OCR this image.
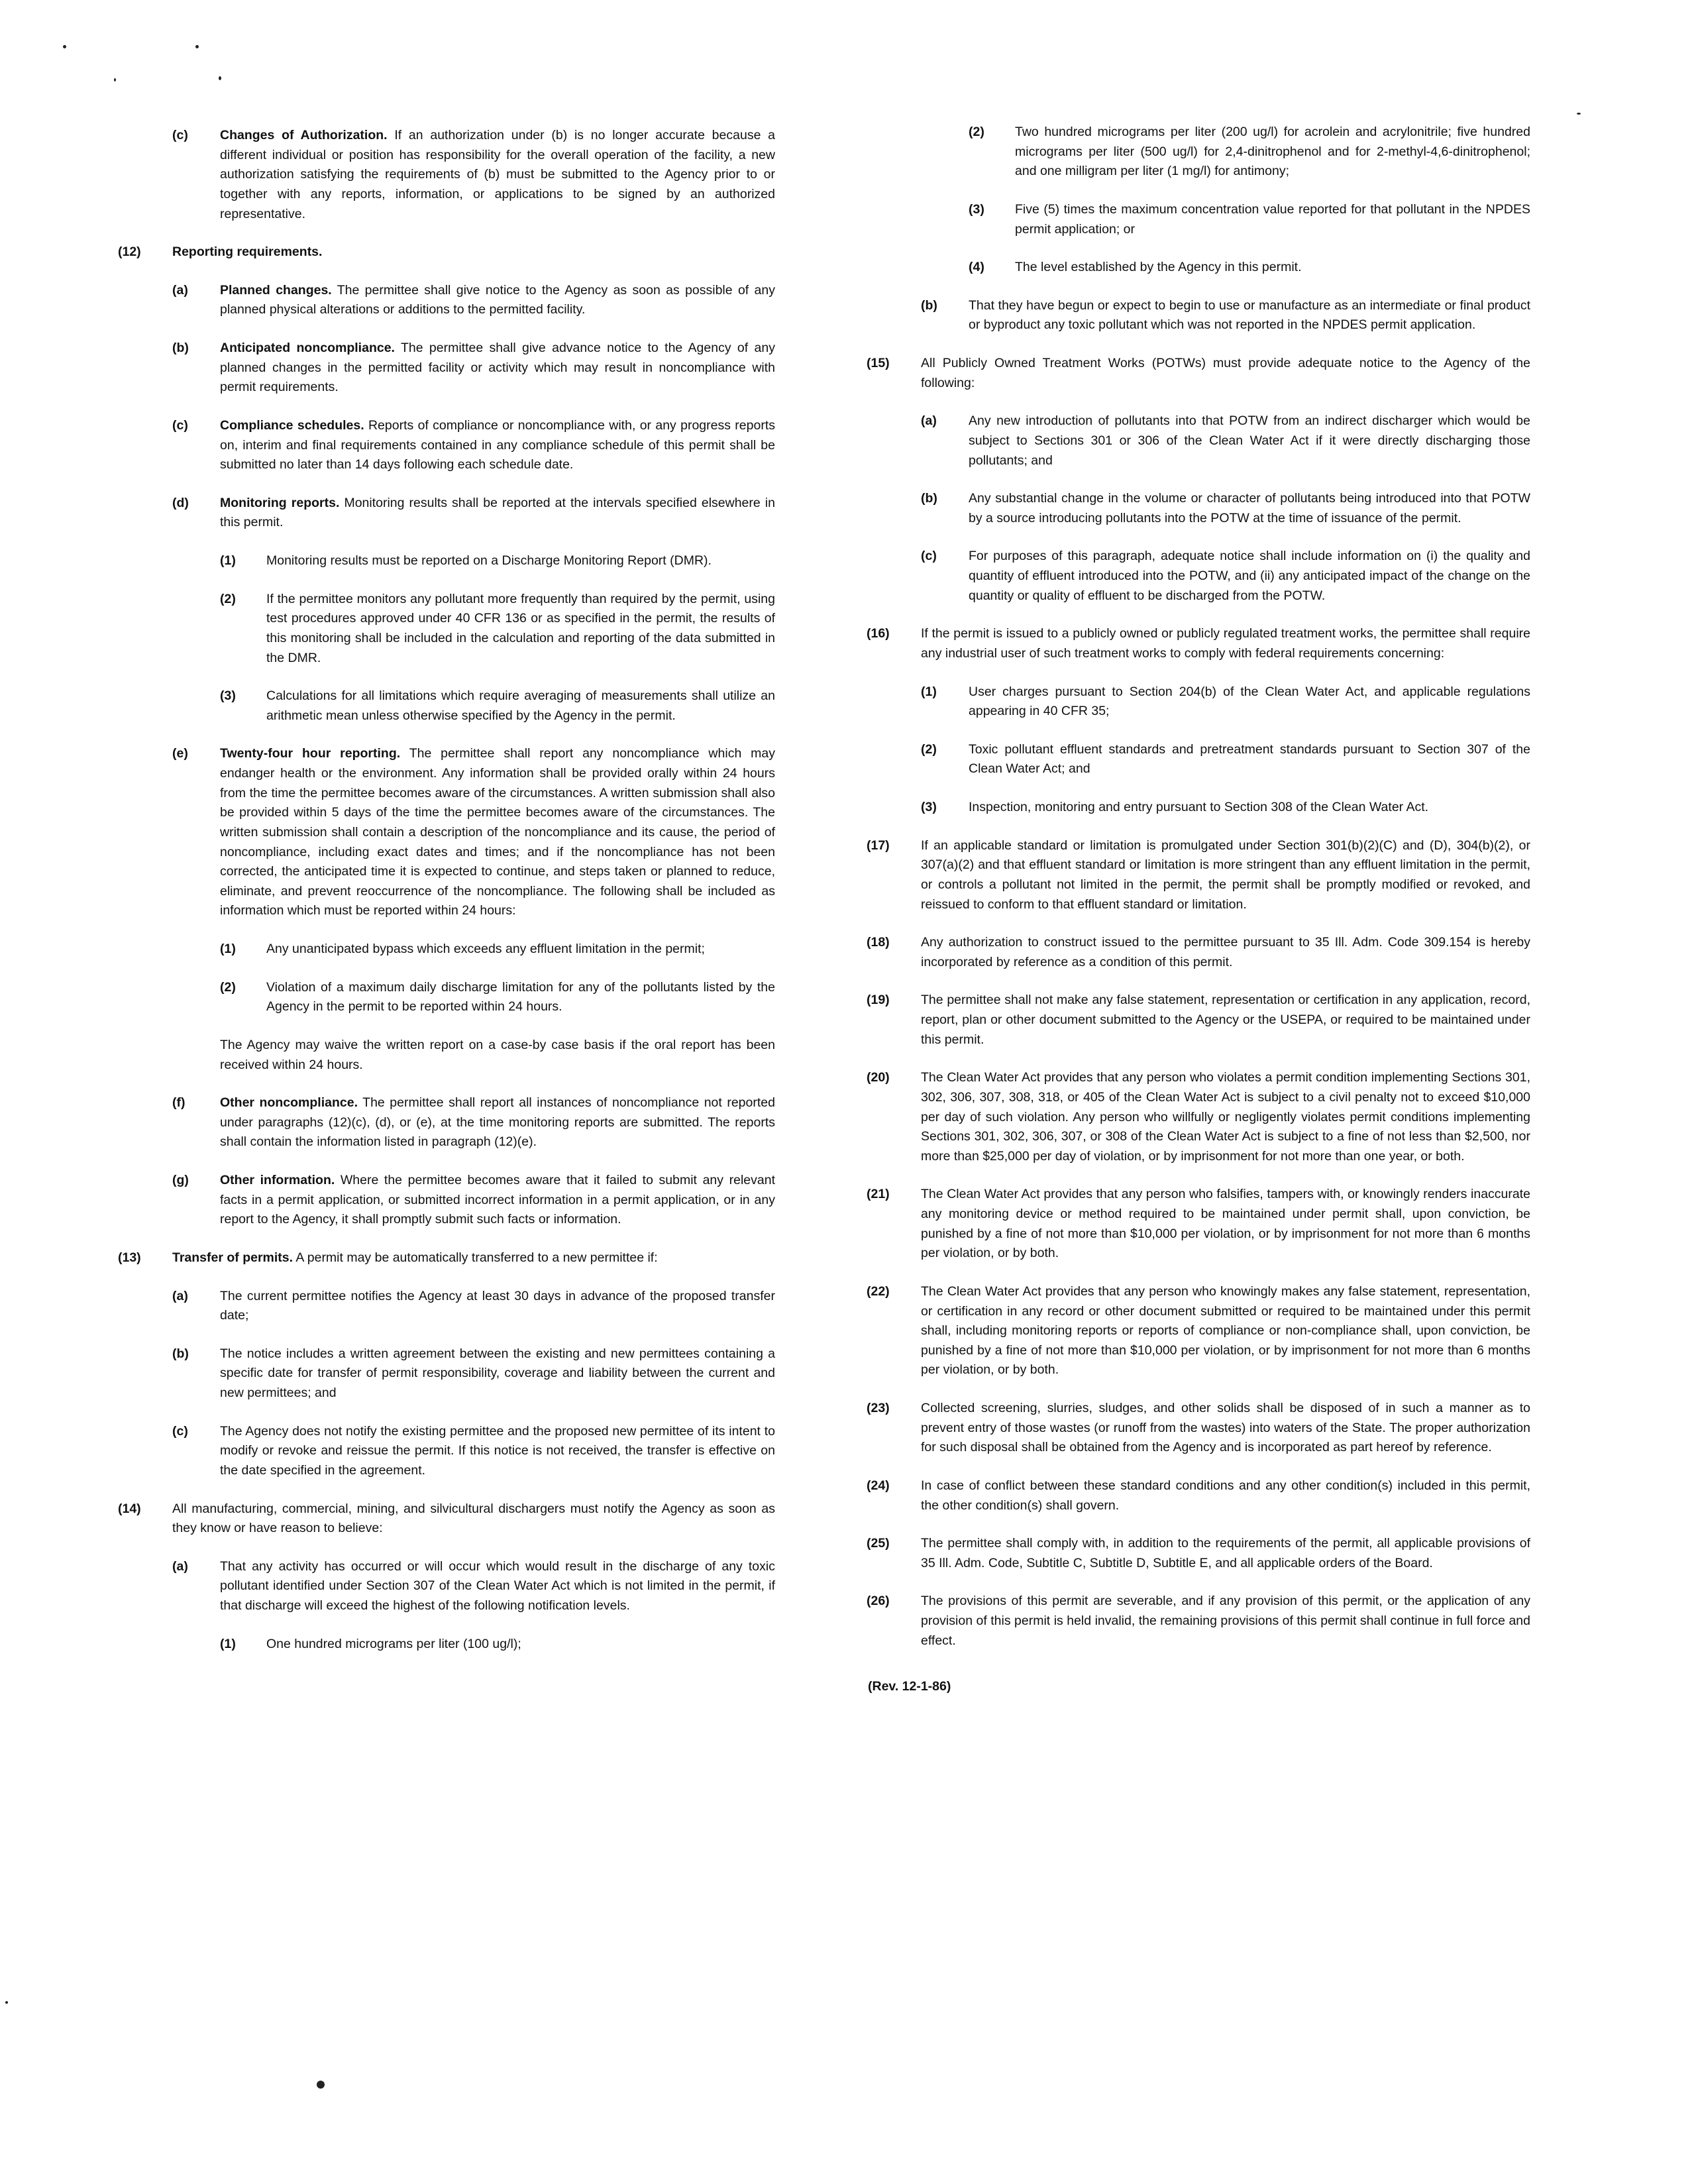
(c)	Changes of Authorization. If an authorization under (b) is no longer accurate because a different individual or position has responsibility for the overall operation of the facility, a new authorization satisfying the requirements of (b) must be submitted to the Agency prior to or together with any reports, information, or applications to be signed by an authorized representative.
(12)	Reporting requirements.
(a)	Planned changes. The permittee shall give notice to the Agency as soon as possible of any planned physical alterations or additions to the permitted facility.
(b)	Anticipated noncompliance. The permittee shall give advance notice to the Agency of any planned changes in the permitted facility or activity which may result in noncompliance with permit requirements.
(c)	Compliance schedules. Reports of compliance or noncompliance with, or any progress reports on, interim and final requirements contained in any compliance schedule of this permit shall be submitted no later than 14 days following each schedule date.
(d)	Monitoring reports. Monitoring results shall be reported at the intervals specified elsewhere in this permit.
(1)	Monitoring results must be reported on a Discharge Monitoring Report (DMR).
(2)	If the permittee monitors any pollutant more frequently than required by the permit, using test procedures approved under 40 CFR 136 or as specified in the permit, the results of this monitoring shall be included in the calculation and reporting of the data submitted in the DMR.
(3)	Calculations for all limitations which require averaging of measurements shall utilize an arithmetic mean unless otherwise specified by the Agency in the permit.
(e)	Twenty-four hour reporting. The permittee shall report any noncompliance which may endanger health or the environment. Any information shall be provided orally within 24 hours from the time the permittee becomes aware of the circumstances. A written submission shall also be provided within 5 days of the time the permittee becomes aware of the circumstances. The written submission shall contain a description of the noncompliance and its cause, the period of noncompliance, including exact dates and times; and if the noncompliance has not been corrected, the anticipated time it is expected to continue, and steps taken or planned to reduce, eliminate, and prevent reoccurrence of the noncompliance. The following shall be included as information which must be reported within 24 hours:
(1)	Any unanticipated bypass which exceeds any effluent limitation in the permit;
(2)	Violation of a maximum daily discharge limitation for any of the pollutants listed by the Agency in the permit to be reported within 24 hours.
The Agency may waive the written report on a case-by case basis if the oral report has been received within 24 hours.
(f)	Other noncompliance. The permittee shall report all instances of noncompliance not reported under paragraphs (12)(c), (d), or (e), at the time monitoring reports are submitted. The reports shall contain the information listed in paragraph (12)(e).
(g)	Other information. Where the permittee becomes aware that it failed to submit any relevant facts in a permit application, or submitted incorrect information in a permit application, or in any report to the Agency, it shall promptly submit such facts or information.
(13)	Transfer of permits. A permit may be automatically transferred to a new permittee if:
(a)	The current permittee notifies the Agency at least 30 days in advance of the proposed transfer date;
(b)	The notice includes a written agreement between the existing and new permittees containing a specific date for transfer of permit responsibility, coverage and liability between the current and new permittees; and
(c)	The Agency does not notify the existing permittee and the proposed new permittee of its intent to modify or revoke and reissue the permit. If this notice is not received, the transfer is effective on the date specified in the agreement.
(14)	All manufacturing, commercial, mining, and silvicultural dischargers must notify the Agency as soon as they know or have reason to believe:
(a)	That any activity has occurred or will occur which would result in the discharge of any toxic pollutant identified under Section 307 of the Clean Water Act which is not limited in the permit, if that discharge will exceed the highest of the following notification levels.
(1)	One hundred micrograms per liter (100 ug/l);
(2)	Two hundred micrograms per liter (200 ug/l) for acrolein and acrylonitrile; five hundred micrograms per liter (500 ug/l) for 2,4-dinitrophenol and for 2-methyl-4,6-dinitrophenol; and one milligram per liter (1 mg/l) for antimony;
(3)	Five (5) times the maximum concentration value reported for that pollutant in the NPDES permit application; or
(4)	The level established by the Agency in this permit.
(b)	That they have begun or expect to begin to use or manufacture as an intermediate or final product or byproduct any toxic pollutant which was not reported in the NPDES permit application.
(15)	All Publicly Owned Treatment Works (POTWs) must provide adequate notice to the Agency of the following:
(a)	Any new introduction of pollutants into that POTW from an indirect discharger which would be subject to Sections 301 or 306 of the Clean Water Act if it were directly discharging those pollutants; and
(b)	Any substantial change in the volume or character of pollutants being introduced into that POTW by a source introducing pollutants into the POTW at the time of issuance of the permit.
(c)	For purposes of this paragraph, adequate notice shall include information on (i) the quality and quantity of effluent introduced into the POTW, and (ii) any anticipated impact of the change on the quantity or quality of effluent to be discharged from the POTW.
(16)	If the permit is issued to a publicly owned or publicly regulated treatment works, the permittee shall require any industrial user of such treatment works to comply with federal requirements concerning:
(1)	User charges pursuant to Section 204(b) of the Clean Water Act, and applicable regulations appearing in 40 CFR 35;
(2)	Toxic pollutant effluent standards and pretreatment standards pursuant to Section 307 of the Clean Water Act; and
(3)	Inspection, monitoring and entry pursuant to Section 308 of the Clean Water Act.
(17)	If an applicable standard or limitation is promulgated under Section 301(b)(2)(C) and (D), 304(b)(2), or 307(a)(2) and that effluent standard or limitation is more stringent than any effluent limitation in the permit, or controls a pollutant not limited in the permit, the permit shall be promptly modified or revoked, and reissued to conform to that effluent standard or limitation.
(18)	Any authorization to construct issued to the permittee pursuant to 35 Ill. Adm. Code 309.154 is hereby incorporated by reference as a condition of this permit.
(19)	The permittee shall not make any false statement, representation or certification in any application, record, report, plan or other document submitted to the Agency or the USEPA, or required to be maintained under this permit.
(20)	The Clean Water Act provides that any person who violates a permit condition implementing Sections 301, 302, 306, 307, 308, 318, or 405 of the Clean Water Act is subject to a civil penalty not to exceed $10,000 per day of such violation. Any person who willfully or negligently violates permit conditions implementing Sections 301, 302, 306, 307, or 308 of the Clean Water Act is subject to a fine of not less than $2,500, nor more than $25,000 per day of violation, or by imprisonment for not more than one year, or both.
(21)	The Clean Water Act provides that any person who falsifies, tampers with, or knowingly renders inaccurate any monitoring device or method required to be maintained under permit shall, upon conviction, be punished by a fine of not more than $10,000 per violation, or by imprisonment for not more than 6 months per violation, or by both.
(22)	The Clean Water Act provides that any person who knowingly makes any false statement, representation, or certification in any record or other document submitted or required to be maintained under this permit shall, including monitoring reports or reports of compliance or non-compliance shall, upon conviction, be punished by a fine of not more than $10,000 per violation, or by imprisonment for not more than 6 months per violation, or by both.
(23)	Collected screening, slurries, sludges, and other solids shall be disposed of in such a manner as to prevent entry of those wastes (or runoff from the wastes) into waters of the State. The proper authorization for such disposal shall be obtained from the Agency and is incorporated as part hereof by reference.
(24)	In case of conflict between these standard conditions and any other condition(s) included in this permit, the other condition(s) shall govern.
(25)	The permittee shall comply with, in addition to the requirements of the permit, all applicable provisions of 35 Ill. Adm. Code, Subtitle C, Subtitle D, Subtitle E, and all applicable orders of the Board.
(26)	The provisions of this permit are severable, and if any provision of this permit, or the application of any provision of this permit is held invalid, the remaining provisions of this permit shall continue in full force and effect.
(Rev. 12-1-86)
